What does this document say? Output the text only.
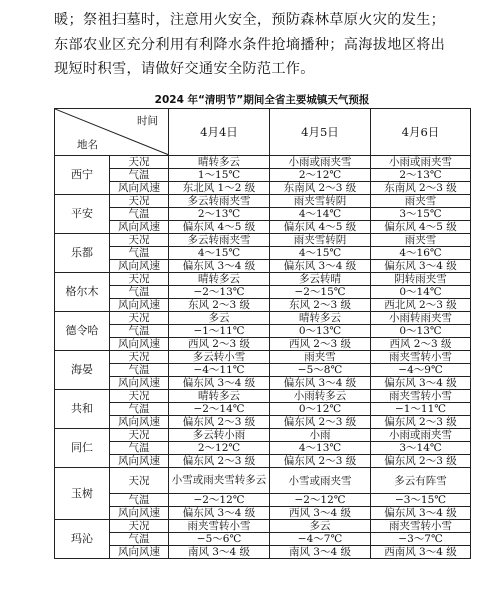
暖；祭祖扫墓时，注意用火安全，预防森林草原火灾的发生；
东部农业区充分利用有利降水条件抢墒播种；高海拔地区将出
现短时积雪，请做好交通安全防范工作。
2024 年“清明节”期间全省主要城镇天气预报
时间
地名		4月4日	4月5日	4月6日
西宁	天况	晴转多云	小雨或雨夹雪	小雨或雨夹雪
	气温	1～15℃	2～12℃	2～13℃
	风向风速	东北风 1～2 级	东南风 2～3 级	东南风 2～3 级
平安	天况	多云转雨夹雪	雨夹雪转阴	雨夹雪
	气温	2～13℃	4～14℃	3～15℃
	风向风速	偏东风 4～5 级	偏东风 4～5 级	偏东风 4～5 级
乐都	天况	多云转雨夹雪	雨夹雪转阴	雨夹雪
	气温	4～15℃	4～15℃	4～16℃
	风向风速	偏东风 3～4 级	偏东风 3～4 级	偏东风 3～4 级
格尔木	天况	晴转多云	多云转晴	阴转雨夹雪
	气温	−2～13℃	−2～15℃	0～14℃
	风向风速	东风 2～3 级	东风 2～3 级	西北风 2～3 级
德令哈	天况	多云	晴转多云	小雨转雨夹雪
	气温	−1～11℃	0～13℃	0～13℃
	风向风速	西风 2～3 级	西风 2～3 级	西风 2～3 级
海晏	天况	多云转小雪	雨夹雪	雨夹雪转小雪
	气温	−4～11℃	−5～8℃	−4～9℃
	风向风速	偏东风 3～4 级	偏东风 3～4 级	偏东风 3～4 级
共和	天况	晴转多云	小雨转多云	雨夹雪转小雪
	气温	−2～14℃	0～12℃	−1～11℃
	风向风速	偏东风 2～3 级	偏东风 2～3 级	偏东风 2～3 级
同仁	天况	多云转小雨	小雨	小雨或雨夹雪
	气温	2～12℃	4～13℃	3～14℃
	风向风速	偏东风 2～3 级	偏东风 2～3 级	偏东风 2～3 级
玉树	天况	小雪或雨夹雪转多云	小雪或雨夹雪	多云有阵雪
	气温	−2～12℃	−2～12℃	−3～15℃
	风向风速	偏东风 3～4 级	西风 3～4 级	偏东风 3～4 级
玛沁	天况	雨夹雪转小雪	多云	雨夹雪转小雪
	气温	−5～6℃	−4～7℃	−3～7℃
	风向风速	南风 3～4 级	南风 3～4 级	西南风 3～4 级
